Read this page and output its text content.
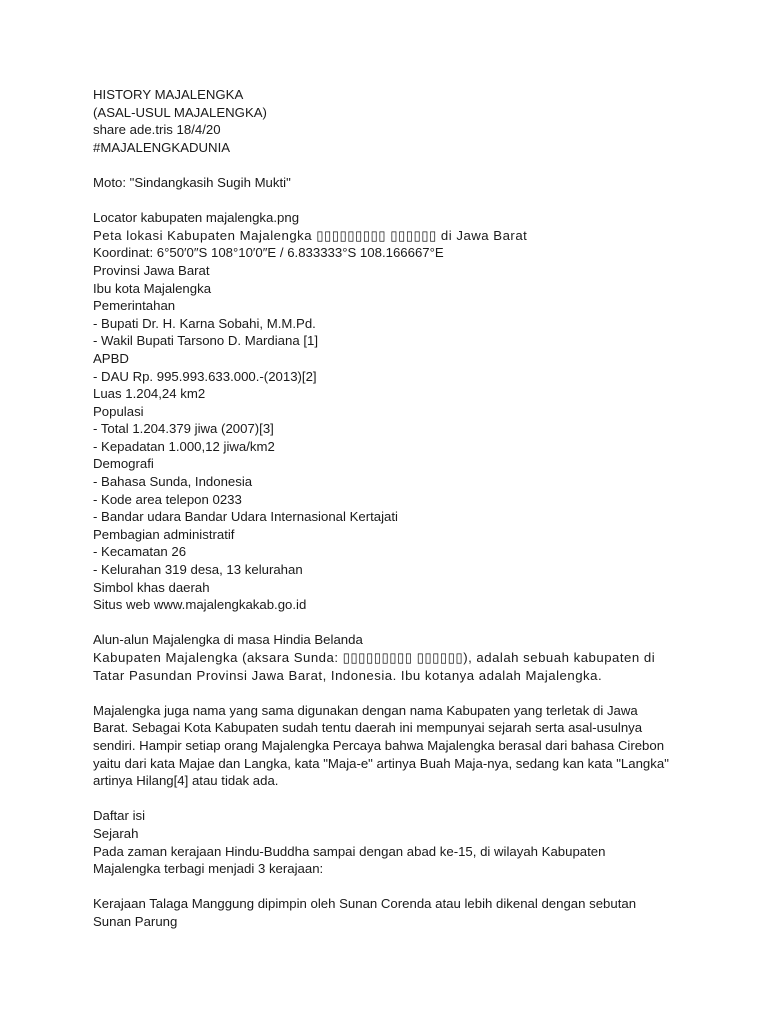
HISTORY MAJALENGKA

(ASAL-USUL MAJALENGKA)

share ade.tris 18/4/20

#MAJALENGKADUNIA

Moto: "Sindangkasih Sugih Mukti"

Locator kabupaten majalengka.png

Peta lokasi Kabupaten Majalengka ▯▯▯▯▯▯▯▯▯ ▯▯▯▯▯▯ di Jawa Barat

Koordinat: 6°50′0″S 108°10′0″E / 6.833333°S 108.166667°E

Provinsi Jawa Barat

Ibu kota Majalengka

Pemerintahan

- Bupati Dr. H. Karna Sobahi, M.M.Pd.

- Wakil Bupati Tarsono D. Mardiana [1]

APBD

- DAU Rp. 995.993.633.000.-(2013)[2]

Luas 1.204,24 km2

Populasi

- Total 1.204.379 jiwa (2007)[3]

- Kepadatan 1.000,12 jiwa/km2

Demografi

- Bahasa Sunda, Indonesia

- Kode area telepon 0233

- Bandar udara Bandar Udara Internasional Kertajati

Pembagian administratif

- Kecamatan 26

- Kelurahan 319 desa, 13 kelurahan

Simbol khas daerah

Situs web www.majalengkakab.go.id

Alun-alun Majalengka di masa Hindia Belanda

Kabupaten Majalengka (aksara Sunda: ▯▯▯▯▯▯▯▯▯ ▯▯▯▯▯▯), adalah sebuah kabupaten di Tatar Pasundan Provinsi Jawa Barat, Indonesia. Ibu kotanya adalah Majalengka.

Majalengka juga nama yang sama digunakan dengan nama Kabupaten yang terletak di Jawa Barat. Sebagai Kota Kabupaten sudah tentu daerah ini mempunyai sejarah serta asal-usulnya sendiri. Hampir setiap orang Majalengka Percaya bahwa Majalengka berasal dari bahasa Cirebon yaitu dari kata Majae dan Langka, kata "Maja-e" artinya Buah Maja-nya, sedang kan kata "Langka" artinya Hilang[4] atau tidak ada.

Daftar isi

Sejarah

Pada zaman kerajaan Hindu-Buddha sampai dengan abad ke-15, di wilayah Kabupaten Majalengka terbagi menjadi 3 kerajaan:

Kerajaan Talaga Manggung dipimpin oleh Sunan Corenda atau lebih dikenal dengan sebutan Sunan Parung
